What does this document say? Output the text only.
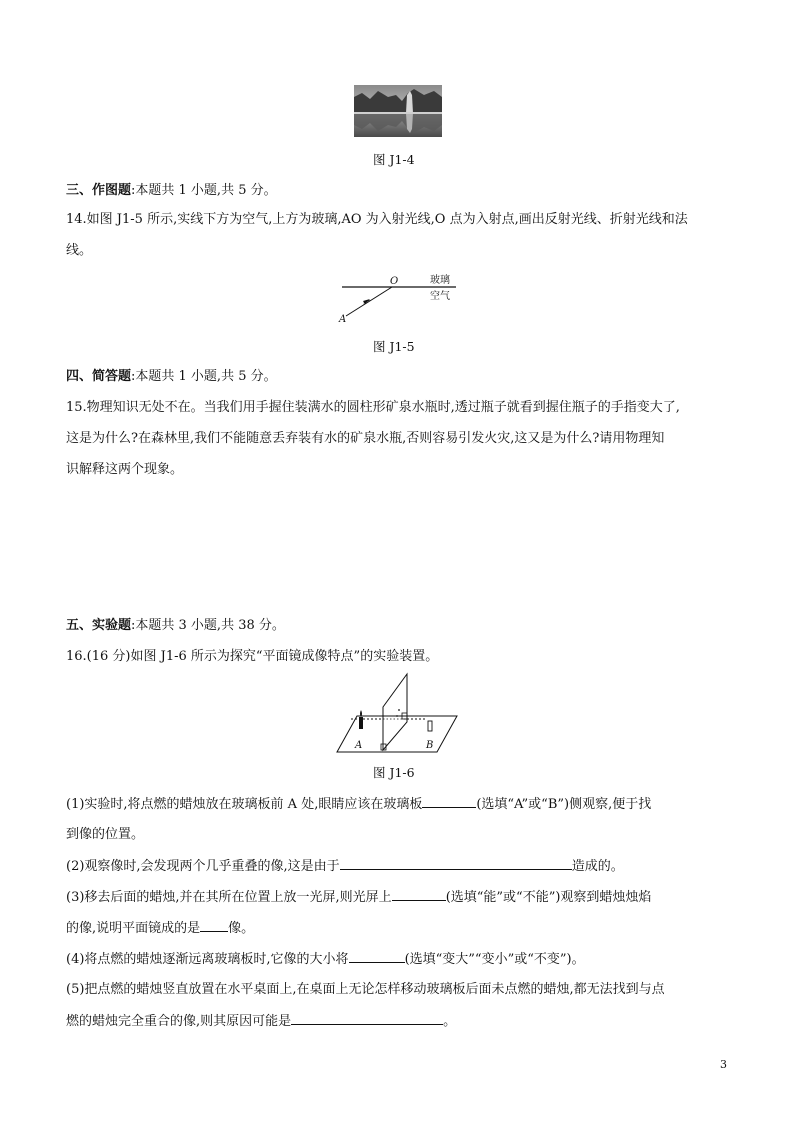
图 J1-4
三、作图题:本题共 1 小题,共 5 分。
14.如图 J1-5 所示,实线下方为空气,上方为玻璃,AO 为入射光线,O 点为入射点,画出反射光线、折射光线和法
线。
O
A
玻璃
空气
图 J1-5
四、简答题:本题共 1 小题,共 5 分。
15.物理知识无处不在。当我们用手握住装满水的圆柱形矿泉水瓶时,透过瓶子就看到握住瓶子的手指变大了,
这是为什么?在森林里,我们不能随意丢弃装有水的矿泉水瓶,否则容易引发火灾,这又是为什么?请用物理知
识解释这两个现象。
五、实验题:本题共 3 小题,共 38 分。
16.(16 分)如图 J1-6 所示为探究“平面镜成像特点”的实验装置。
A	B
图 J1-6
(1)实验时,将点燃的蜡烛放在玻璃板前 A 处,眼睛应该在玻璃板	(选填“A”或“B”)侧观察,便于找
到像的位置。
(2)观察像时,会发现两个几乎重叠的像,这是由于	造成的。
(3)移去后面的蜡烛,并在其所在位置上放一光屏,则光屏上	(选填“能”或“不能”)观察到蜡烛烛焰
的像,说明平面镜成的是 像。
(4)将点燃的蜡烛逐渐远离玻璃板时,它像的大小将	(选填“变大”“变小”或“不变”)。
(5)把点燃的蜡烛竖直放置在水平桌面上,在桌面上无论怎样移动玻璃板后面未点燃的蜡烛,都无法找到与点
燃的蜡烛完全重合的像,则其原因可能是	。
3
